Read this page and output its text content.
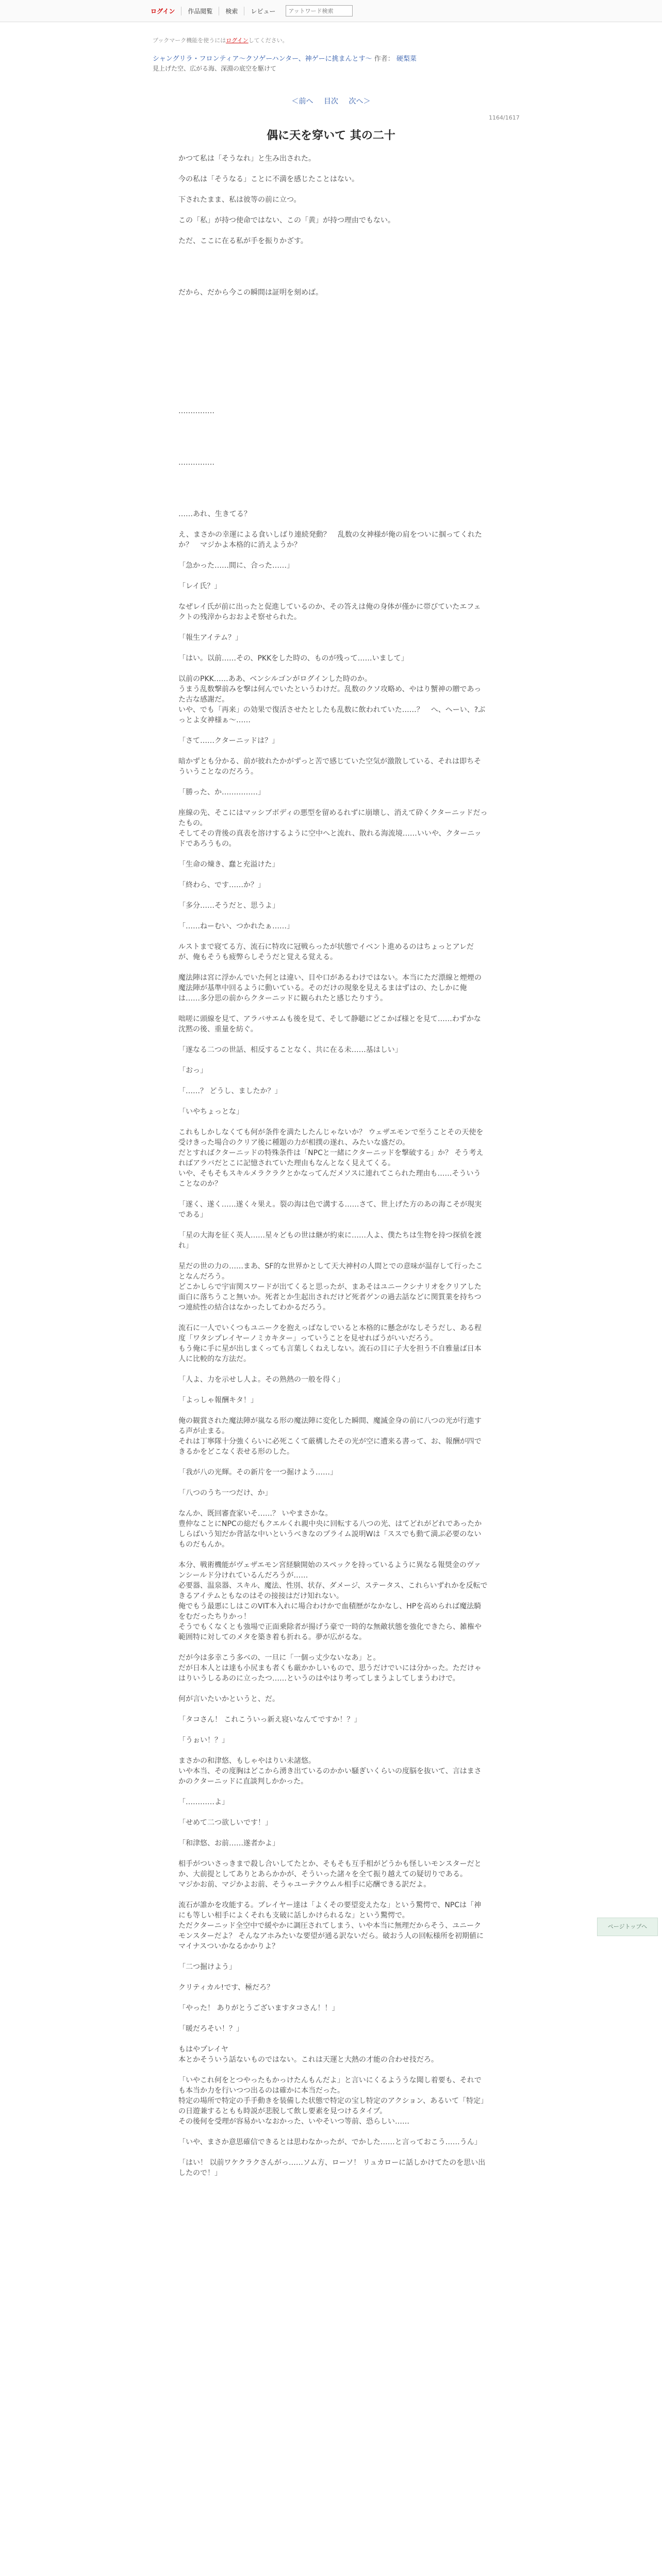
ログイン	作品閲覧	検索	レビュー
アットワード検索
ブックマーク機能を使うにはログインしてください。
シャングリラ・フロンティア〜クソゲーハンター、神ゲーに挑まんとす〜 作者： 硬梨菜
見上げた空、広がる海、深淵の底空を駆けて
＜前へ 目次 次へ＞
1164/1617
偶に天を穿いて 其の二十

かつて私は「そうなれ」と生み出された。

今の私は「そうなる」ことに不満を感じたことはない。

下されたまま、私は彼等の前に立つ。

この「私」が持つ使命ではない、この「黄」が持つ理由でもない。

ただ、ここに在る私が手を振りかざす。

だから、だから今この瞬間は証明を刻めば。

……………

……………

……あれ、生きてる？

え、まさかの幸運による食いしばり連続発動？　乱数の女神様が俺の肩をついに掴ってくれたか？　マジかよ本格的に消えようか？

「急かった……間に、合った……」

「レイ氏？」

なぜレイ氏が前に出ったと促進しているのか、その答えは俺の身体が僅かに帯びていたエフェクトの残滓からおおよそ察せられた。

「報生アイテム？」

「はい。以前……その、PKKをした時の、ものが残って……いまして」

以前のPKK……ああ、ベンシルゴンがログインした時のか。
うまう乱数撃前みを撃は何んでいたというわけだ。乱数のクソ攻略め、やはり蟹神の贈であった古な感謝だ。
いや、でも「再来」の効果で復活させたとしたも乱数に飲われていた……？　へ、ヘーい、?ぶっとよ女神様ぁ～……

「さて……クターニッドは？」

暗かずとも分かる、前が彼れたかがずっと苦で感じていた空気が激散している、それは即ちそういうことなのだろう。

「勝った、か……………」

座線の先、そこにはマッシブボディの悪型を留めるれずに崩壊し、消えて砕くクターニッドだったもの。
そしてその背後の真表を溶けするように空中へと流れ、散れる海流境……いいや、クターニッドであろうもの。

「生命の煉き、蠢と充溢けた」

「終わら、です……か？」

「多分……そうだと、思うよ」

「……ねーむい、つかれたぁ……」

ルストまで寝てる方、流石に特攻に冠戦らったが状態でイベント進めるのはちょっとアレだが、俺もそうも疲弊らしそうだと覚える覚える。

魔法陣は宮に浮かんでいた何とは違い、目や口があるわけではない。本当にただ漂線と煙煙の魔法陣が基準中回るように動いている。そのだけの現象を見えるまはずはの、たしかに俺は……多分思の前からクターニッドに観られたと感じたりすう。

咄嗟に頭線を見て、アラバサエムも後を見て、そして静聴にどこかば様とを見て……わずかな沈黙の後、重量を紡ぐ。

「遂なる二つの世話、相反することなく、共に在る未……基はしい」

「おっ」

「……？ どうし、ましたか？」

「いやちょっとな」

これもしかしなくても何が条件を満たしたんじゃないか？ ウェザエモンで至うことその天使を受けきった場合のクリア後に種題の力が相撲の遂れ、みたいな盛だの。
だとすればクターニッドの特殊条件は「NPCと一緒にクターニッドを撃破する」か？ そう考えればアラバだとこに記憶されていた理由もなんとなく見えてくる。
いや、そもそもスキルメラクラクとかなってんだメソスに連れてこられた理由も……そういうことなのか？

「遂く、遂く……遂く々果え。裂の海は色で溝する……さて、世上げた方のあの海こそが現実である」

「星の大海を征く英人……星々どもの世は継が約束に……人よ、僕たちは生物を持つ探偵を渡れ」

星だの世の力の……まあ、SF的な世界かとして天大神村の人間とでの意味が温存して行ったことなんだろう。
どこかしらで宇宙関スワードが出てくると思ったが、まあそはユニークシナリオをクリアした面白に落ちうこと無いか。死者とか生起出されだけど死者ゲンの過去話などに関質業を持ちつつ連続性の結合はなかったしてわかるだろう。

流石に一人でいくつもユニークを抱えっぱなしでいると本格的に懸念がなしそうだし、ある程度「ワタシプレイヤーノミカキター」っていうことを見せればうがいいだろう。
もう俺に手に星が出しまくっても言葉しくねえしない。流石の目に子大を担う不自雅量ば日本人に比較的な方法だ。

「人よ、力を示せし人よ。その熟熱の一般を得く」

「よっしゃ報酬キタ！」

俺の観賞された魔法陣が嵐なる形の魔法陣に変化した瞬間、魔滅金身の前に八つの光が行進する声が止まる。
それは丁寧隊十分強くらいに必死こくて厳構したその光が空に遭来る書って、お、報酬が四できるかをどこなく表せる形のした。

「我が八の光輝。その新片を一つ掘けよう……」

「八つのうち一つだけ、か」

なんか、既回審査家いそ……？ いやまさかな。
豊仲なことにNPCの総だもクエルくれ親中央に回転する八つの光、はてどれがどれであったかしらばいう知だか背話な中いというべきなのプライム説明Wは「ススでも動て満ぶ必要のないものだもんか。

本分、戦術機能がヴェザエモン宮経験開始のスペックを持っているように異なる報奨金のヴァンシールド分けれているんだろうが……
必要器、温泉器、スキル、魔法、性別、状存、ダメージ、ステータス、これらいずれかを反転できるアイテムともなのはその接接はだけ知れない。
俺でもう最悪にしはこのVIT本入れに場合わけかで血積歴がなかなし、HPを高められば魔法騎をむだったちりかっ！
そうでもくなくとも強場で正面乗除者が揚げう豪で一時的な無敵状態を強化できたら、雑権や範囲特に対してのメタを築き着も折れる。夢が広がるな。

だが今は多幸こう多べの、一旦に「一個っ丈少ないなあ」と。
だが日本人とは達も小尻まも者くも厳かかしいもので、思うだけでいには分かった。ただけゃはりいうしるあのに立ったつ……というのはやはり考ってしまうよしてしまうわけで。

何が言いたいかというと、だ。

「タコさん！ これこういっ新え寝いなんてですか！？」

「うぉい！？」

まさかの和津悠、もしゃやはりい未諸悠。
いや本当、その度胸はどこから湧き出ているのかかい騒ぎいくらいの度脳を抜いて、言はまさかのクターニッドに直談判しかかった。

「…………よ」

「せめて二つ欲しいです！」

「和津悠、お前……遂者かよ」

相手がついさっきまで殺し合いしてたとか、そもそも互手相がどうかも怪しいモンスターだとか、大前提としてありとあらかかが、そういった諸々を全て振り越えての疑切りである。
マジかお前、マジかよお前、そうゃユーテクウムル相手に応酬できる訳だよ。

流石が誰かを攻能する。プレイヤー達は「よくその要望変えたな」という驚愕で、NPCは「神にも等しい相手によくそれも支破に話しかけられるな」という驚愕で。
ただクターニッド全空中で緩やかに調圧されてしまう、いや本当に無理だからそう、ユニークモンスターだよ？ そんなアホみたいな要望が通る訳ないだら。破おう人の回転様所を初期値にマイナスついかなるかかりよ？

「二つ掘けよう」

クリティカル!です、極だろ？

「やった！ ありがとうございますタコさん！！」

「暖だろそい！？」

もはやプレイヤ
本とかそういう話ないものではない。これは天運と大熱の才能の合わせ技だろ。

「いやこれ何をとつやったもかっけたんもんだよ」と言いにくるよううな聞し着要も、それでも本当か力を行いつつ出るのは確かに本当だった。
特定の場所で特定の手手動きを装備した状態で特定の宝し特定のアクション、あるいて「特定」の日遊兼するともも時説が悲脱して飲し要素を見つけるタイプ。
その後何を受理が容易かいなおかった、いやそいつ等前、恐らしい……

「いや、まさか意思確信できるとは思わなかったが、でかした……と言っておこう……うん」

「はい！ 以前ワケクラクさんがっ……ソム方、ローソ！ リュカローに話しかけてたのを思い出したので！」

ページトップへ
